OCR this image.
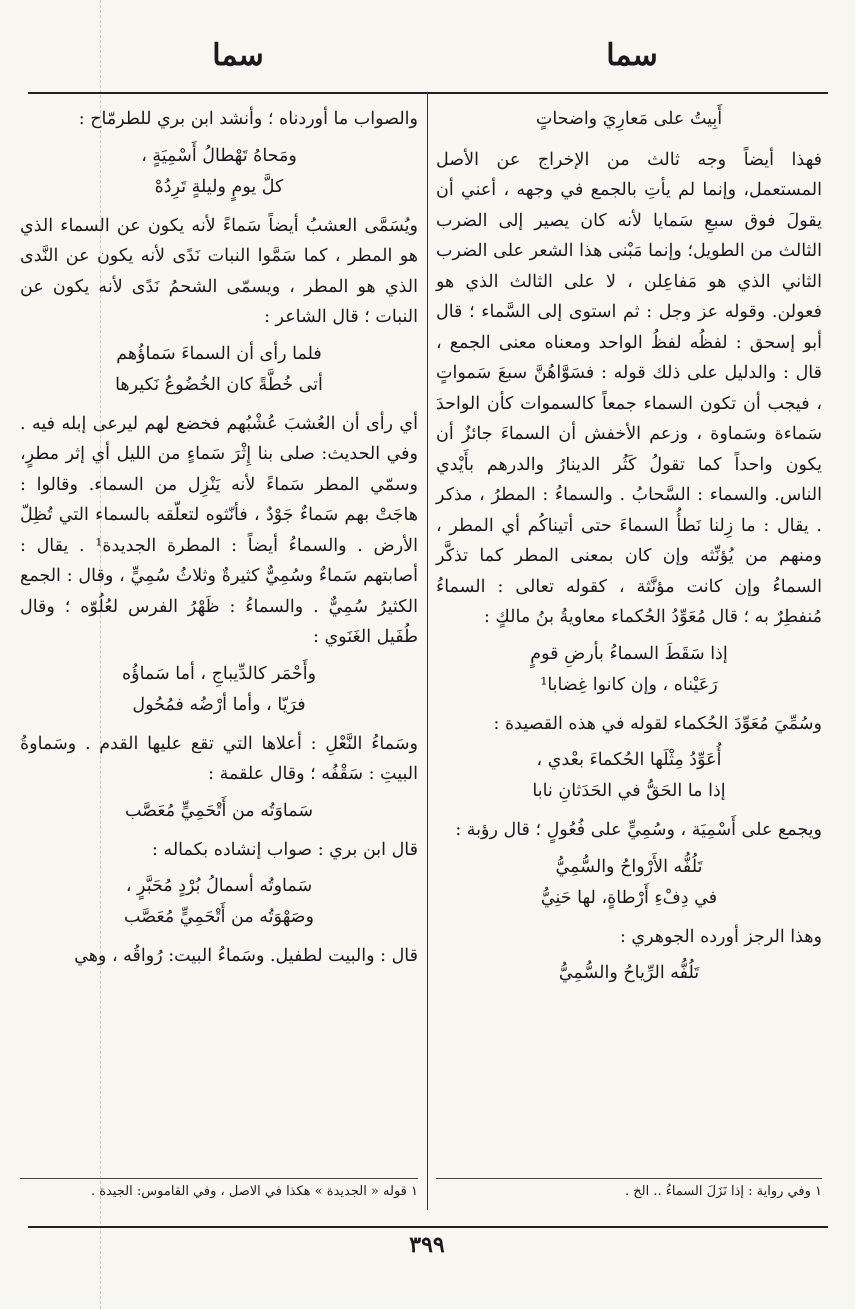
سما
سما
أَبِيتُ على مَعارِيَ واضحاتٍ

فهذا أيضاً وجه ثالث من الإخراج عن الأصل المستعمل، وإنما لم يأتِ بالجمع في وجهه ، أعني أن يقولَ فوق سبعِ سَمايا لأنه كان يصير إلى الضرب الثالث من الطويل؛ وإنما مَبْنى هذا الشعر على الضرب الثاني الذي هو مَفاعِلن ، لا على الثالث الذي هو فعولن. وقوله عز وجل : ثم استوى إلى السَّماء ؛ قال أبو إسحق : لفظُه لفظُ الواحد ومعناه معنى الجمع ، قال : والدليل على ذلك قوله : فسَوَّاهُنَّ سبعَ سَمواتٍ ، فيجب أن تكون السماء جمعاً كالسموات كأن الواحدَ سَماءة وسَماوة ، وزعم الأخفش أن السماءَ جائزٌ أن يكون واحداً كما تقولُ كَثُر الدينارُ والدرهم بأَيْدي الناس. والسماء : السَّحابُ . والسماءُ : المطرُ ، مذكر . يقال : ما زِلنا نَطأُ السماءَ حتى أتيناكُم أي المطر ، ومنهم من يُؤنِّثه وإن كان بمعنى المطر كما تذكَّر السماءُ وإن كانت مؤنَّثة ، كقوله تعالى : السماءُ مُنفطِرٌ به ؛ قال مُعَوِّدُ الحُكماء معاويةُ بنُ مالكٍ :

إذا سَقَطَ السماءُ بأرضِ قومٍ
رَعَيْناه ، وإن كانوا غِضابا¹

وسُمِّيَ مُعَوِّدَ الحُكماء لقوله في هذه القصيدة :

أُعَوِّدُ مِثْلَها الحُكماءَ بعْدي ،
إذا ما الحَقُّ في الحَدَثانِ نابا

ويجمع على أَسْمِيَة ، وسُمِيٍّ على فُعُولٍ ؛ قال رؤبة :

تَلُفُّه الأَرْواحُ والسُّمِيُّ
في دِفْءِ أَرْطاةٍ، لها حَنِيُّ

وهذا الرجز أورده الجوهري :

تَلُفُّه الرِّياحُ والسُّمِيُّ

والصواب ما أوردناه ؛ وأنشد ابن بري للطرمّاح :

ومَحاهُ تَهْطالُ أَسْمِيَةٍ ،
كلَّ يومٍ وليلةٍ تَرِدُهْ

ويُسَمَّى العشبُ أيضاً سَماءً لأنه يكون عن السماء الذي هو المطر ، كما سَمَّوا النبات نَدًى لأنه يكون عن النَّدى الذي هو المطر ، ويسمّى الشحمُ نَدًى لأنه يكون عن النبات ؛ قال الشاعر :

فلما رأى أن السماءَ سَماؤُهم
أتى خُطَّةً كان الخُضُوعُ نَكيرها

أي رأى أن العُشبَ عُشْبُهم فخضع لهم ليرعى إبله فيه . وفي الحديث: صلى بنا إِثْرَ سَماءٍ من الليل أي إثر مطرٍ، وسمّي المطر سَماءً لأنه يَنْزِل من السماء. وقالوا : هاجَتْ بهم سَماءٌ جَوْدٌ ، فأنّثوه لتعلّقه بالسماء التي تُظِلّ الأرض . والسماءُ أيضاً : المطرة الجديدة¹ . يقال : أصابتهم سَماءٌ وسُمِيٌّ كثيرةٌ وثلاثُ سُمِيٍّ ، وقال : الجمع الكثيرُ سُمِيٌّ . والسماءُ : ظَهْرُ الفرس لعُلُوّه ؛ وقال طُفَيل الغَنَوي :

وأَحْمَر كالدِّيباجِ ، أما سَماؤُه
فرَيّا ، وأما أرْضُه فمُحُول

وسَماءُ النَّعْلِ : أعلاها التي تقع عليها القدم . وسَماوةُ البيتِ : سَقْفُه ؛ وقال علقمة :

سَماوَتُه من أَتْحَمِيٍّ مُعَصَّب

قال ابن بري : صواب إنشاده بكماله :

سَماوتُه أسمالُ بُرْدٍ مُحَبَّرٍ ،
وصَهْوَتُه من أَتْحَمِيٍّ مُعَصَّب

قال : والبيت لطفيل. وسَماءُ البيت: رُواقُه ، وهي

١ وفي رواية : إذا نَزَلَ السماءُ .. الخ .
١ قوله « الجديدة » هكذا في الاصل ، وفي القاموس: الجيدة .
٣٩٩
